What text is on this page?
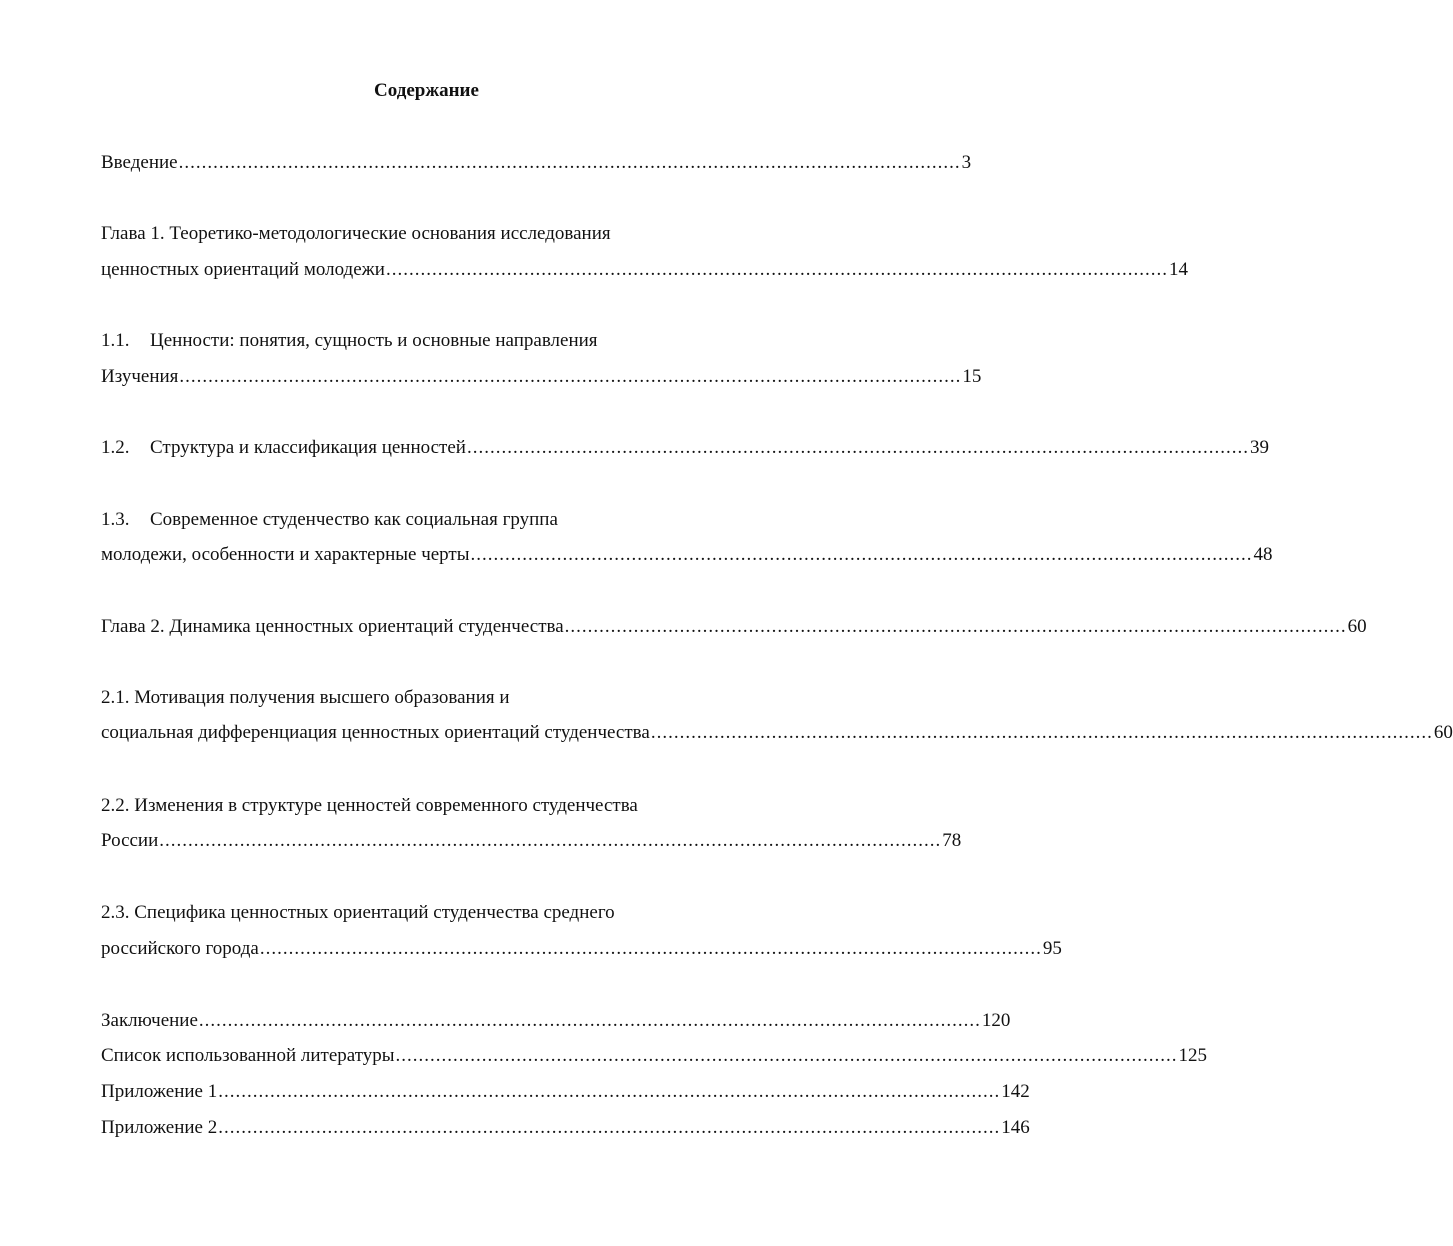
Содержание
Введение ........................................................................................................................................ 3
Глава 1. Теоретико-методологические основания исследования
ценностных ориентаций молодежи ........................................................................................................................................ 14
1.1. Ценности: понятия, сущность и основные направления
Изучения ........................................................................................................................................ 15
1.2. Структура и классификация ценностей ........................................................................................................................................ 39
1.3. Современное студенчество как социальная группа
молодежи, особенности и характерные черты ........................................................................................................................................ 48
Глава 2. Динамика ценностных ориентаций студенчества ........................................................................................................................................ 60
2.1. Мотивация получения высшего образования и
социальная дифференциация ценностных ориентаций студенчества ........................................................................................................................................ 60
2.2. Изменения в структуре ценностей современного студенчества
России ........................................................................................................................................ 78
2.3. Специфика ценностных ориентаций студенчества среднего
российского города ........................................................................................................................................ 95
Заключение ........................................................................................................................................ 120
Список использованной литературы ........................................................................................................................................ 125
Приложение 1 ........................................................................................................................................ 142
Приложение 2 ........................................................................................................................................ 146
